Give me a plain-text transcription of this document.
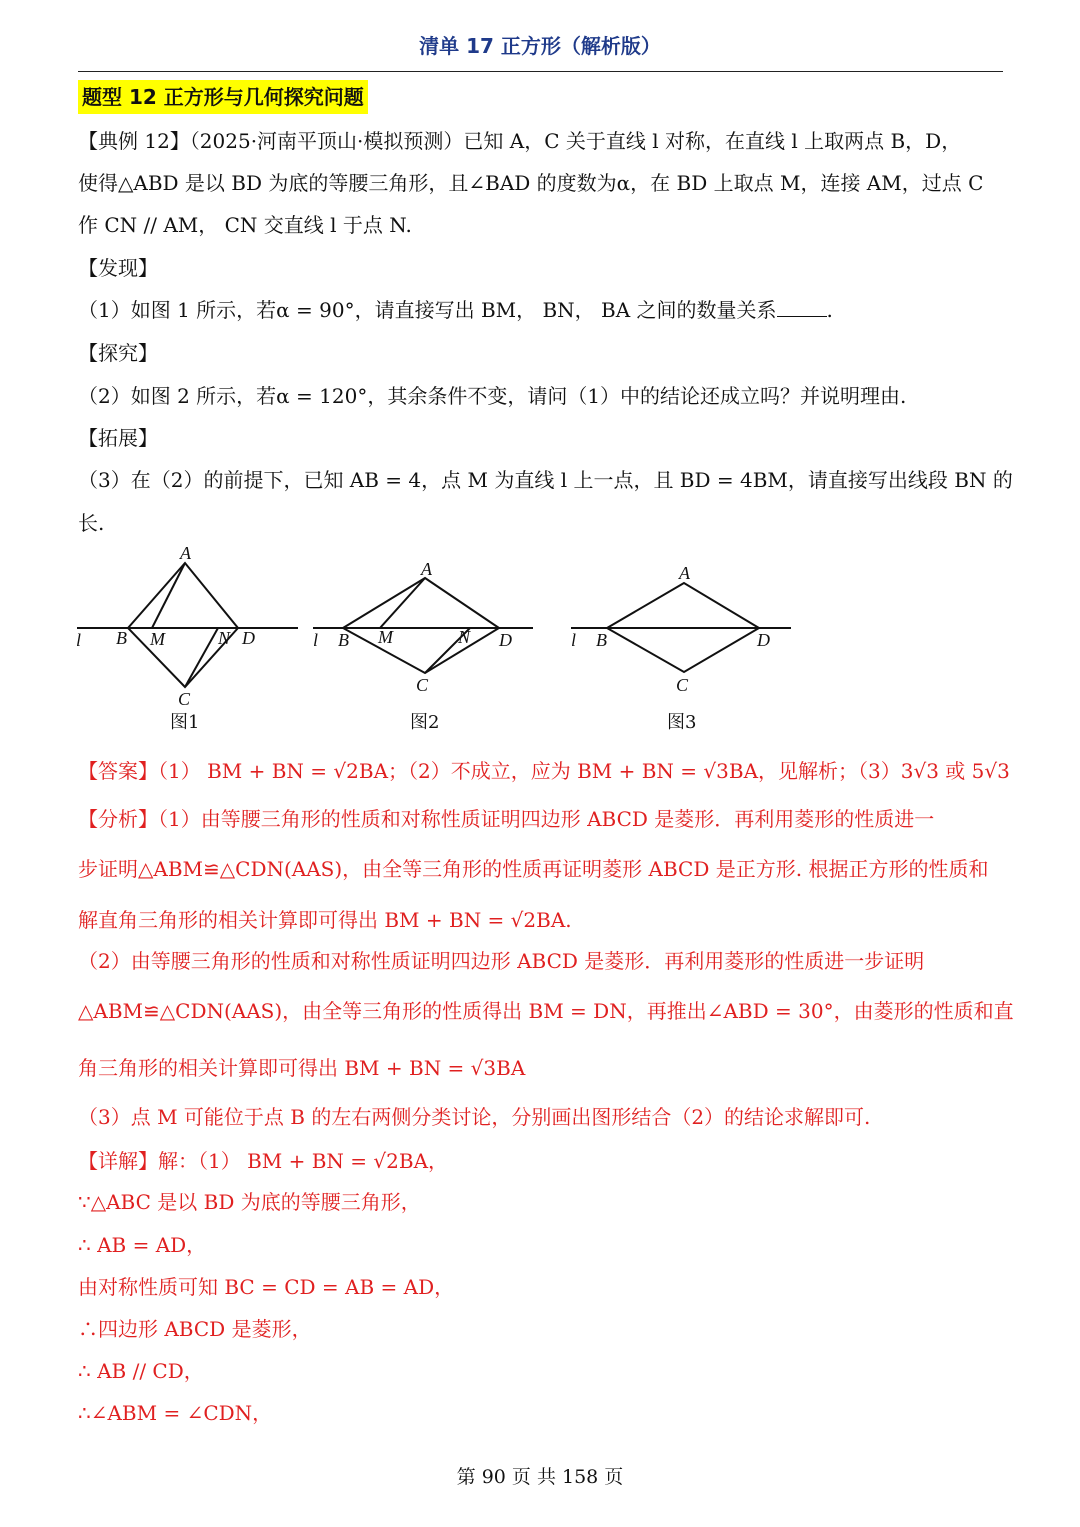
清单 17 正方形（解析版）
题型 12 正方形与几何探究问题
【典例 12】（2025·河南平顶山·模拟预测）已知 A，C 关于直线 l 对称，在直线 l 上取两点 B，D，
使得△ABD 是以 BD 为底的等腰三角形，且∠BAD 的度数为α，在 BD 上取点 M，连接 AM，过点 C
作 CN // AM， CN 交直线 l 于点 N.
【发现】
（1）如图 1 所示，若α = 90°，请直接写出 BM， BN， BA 之间的数量关系	.
【探究】
（2）如图 2 所示，若α = 120°，其余条件不变，请问（1）中的结论还成立吗？并说明理由.
【拓展】
（3）在（2）的前提下，已知 AB = 4，点 M 为直线 l 上一点，且 BD = 4BM，请直接写出线段 BN 的
长.
A
B
C
D
M	N
l
图1
A
B
C
D
M	N
l
图2
A
B
C
D
l
图3
【答案】（1） BM + BN = √2BA；（2）不成立，应为 BM + BN = √3BA，见解析；（3）3√3 或 5√3
【分析】（1）由等腰三角形的性质和对称性质证明四边形 ABCD 是菱形．再利用菱形的性质进一
步证明△ABM≌△CDN(AAS)，由全等三角形的性质再证明菱形 ABCD 是正方形. 根据正方形的性质和
解直角三角形的相关计算即可得出 BM + BN = √2BA.
（2）由等腰三角形的性质和对称性质证明四边形 ABCD 是菱形．再利用菱形的性质进一步证明
△ABM≌△CDN(AAS)，由全等三角形的性质得出 BM = DN，再推出∠ABD = 30°，由菱形的性质和直
角三角形的相关计算即可得出 BM + BN = √3BA
（3）点 M 可能位于点 B 的左右两侧分类讨论，分别画出图形结合（2）的结论求解即可.
【详解】解：（1） BM + BN = √2BA，
∵△ABC 是以 BD 为底的等腰三角形，
∴ AB = AD，
由对称性质可知 BC = CD = AB = AD，
∴四边形 ABCD 是菱形，
∴ AB // CD，
∴∠ABM = ∠CDN，
第 90 页 共 158 页
